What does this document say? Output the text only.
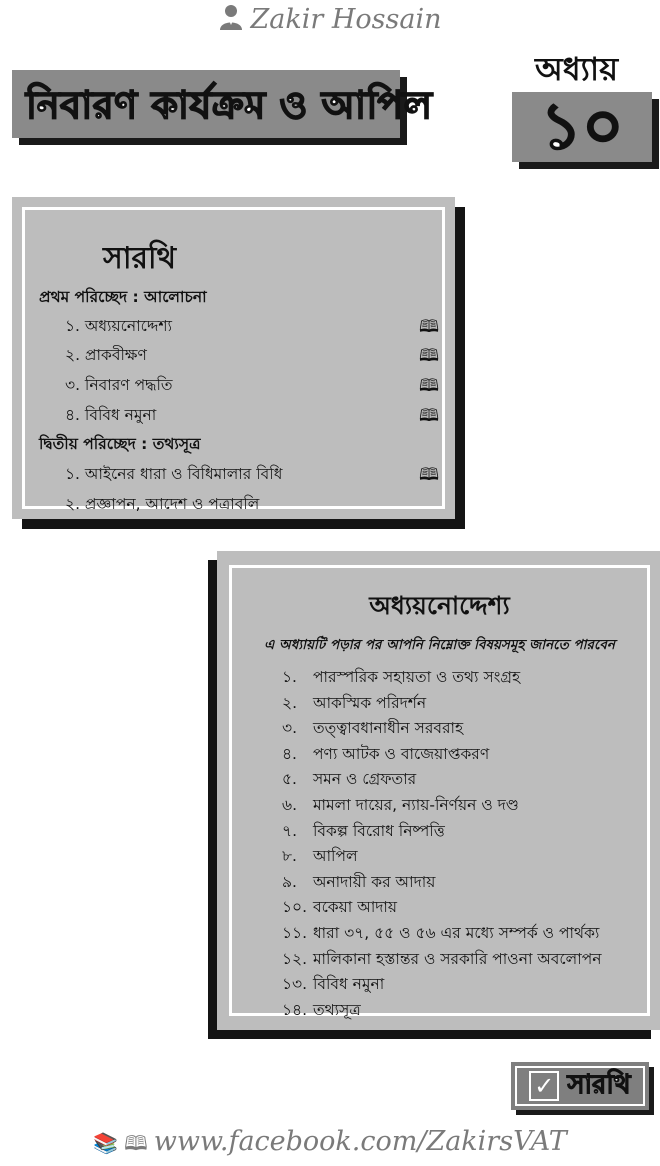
Zakir Hossain
নিবারণ কার্যক্রম ও আপিল
অধ্যায়
১০
সারথি
প্রথম পরিচ্ছেদ : আলোচনা
১. অধ্যয়নোদ্দেশ্য	🕮
২. প্রাকবীক্ষণ	🕮
৩. নিবারণ পদ্ধতি	🕮
৪. বিবিধ নমুনা	🕮
দ্বিতীয় পরিচ্ছেদ : তথ্যসূত্র
১. আইনের ধারা ও বিধিমালার বিধি	🕮
২. প্রজ্ঞাপন, আদেশ ও পত্রাবলি
অধ্যয়নোদ্দেশ্য
এ অধ্যায়টি পড়ার পর আপনি নিম্নোক্ত বিষয়সমূহ জানতে পারবেন
১. পারস্পরিক সহায়তা ও তথ্য সংগ্রহ
২. আকস্মিক পরিদর্শন
৩. তত্ত্বাবধানাধীন সরবরাহ
৪. পণ্য আটক ও বাজেয়াপ্তকরণ
৫. সমন ও গ্রেফতার
৬. মামলা দায়ের, ন্যায়-নির্ণয়ন ও দণ্ড
৭. বিকল্প বিরোধ নিষ্পত্তি
৮. আপিল
৯. অনাদায়ী কর আদায়
১০. বকেয়া আদায়
১১. ধারা ৩৭, ৫৫ ও ৫৬ এর মধ্যে সম্পর্ক ও পার্থক্য
১২. মালিকানা হস্তান্তর ও সরকারি পাওনা অবলোপন
১৩. বিবিধ নমুনা
১৪. তথ্যসূত্র
✓ সারথি
📚 🕮 www.facebook.com/ZakirsVAT
